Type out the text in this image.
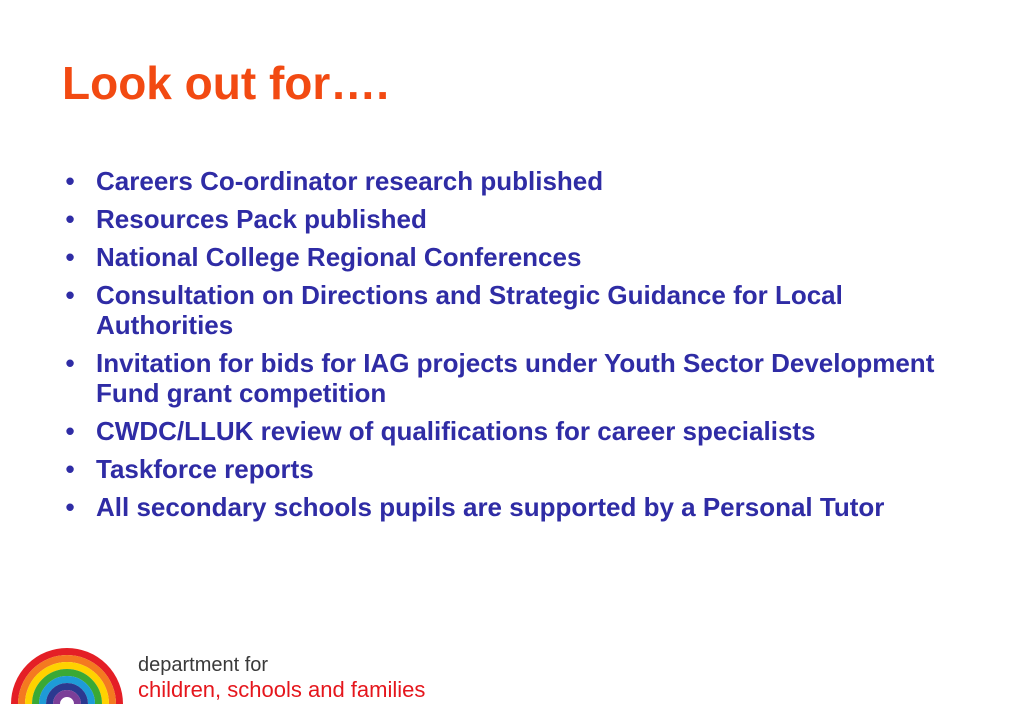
Look out for….
• Careers Co-ordinator research published
• Resources Pack published
• National College Regional Conferences
• Consultation on Directions and Strategic Guidance for Local Authorities
• Invitation for bids for IAG projects under Youth Sector Development Fund grant competition
• CWDC/LLUK review of qualifications for career specialists
• Taskforce reports
• All secondary schools pupils are supported by a Personal Tutor
department for
children, schools and families
